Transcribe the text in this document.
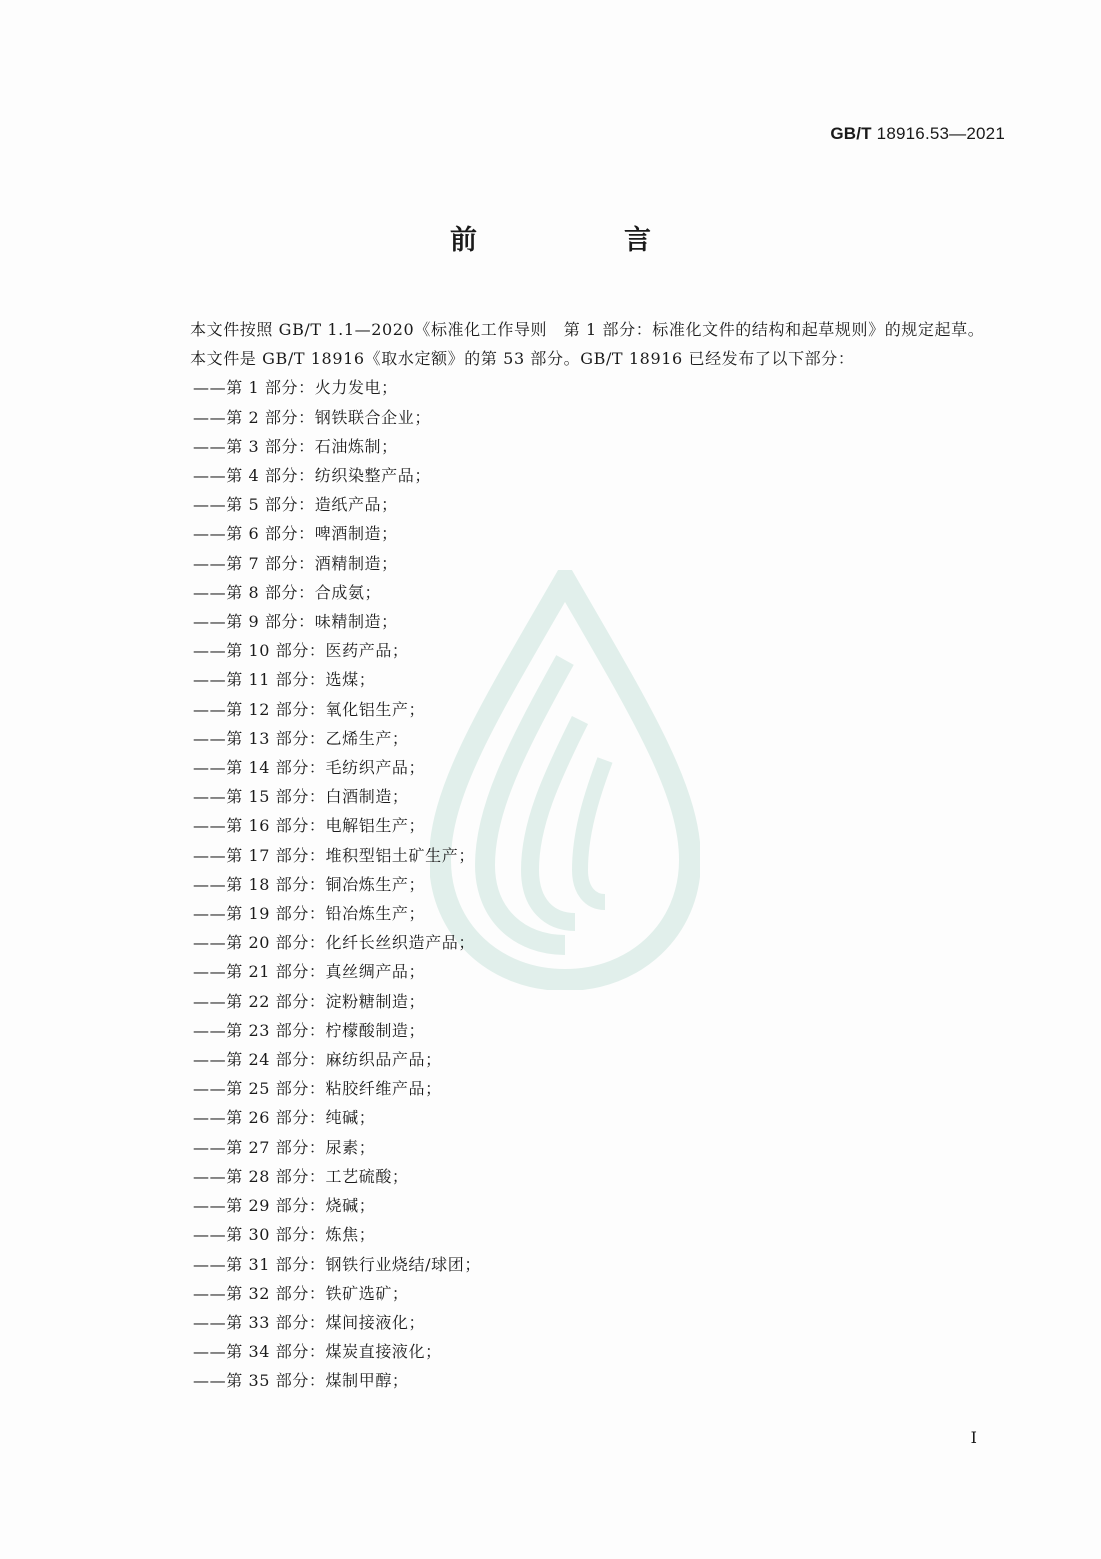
GB/T 18916.53—2021
前　言

本文件按照 GB/T 1.1—2020《标准化工作导则　第 1 部分：标准化文件的结构和起草规则》的规定起草。

本文件是 GB/T 18916《取水定额》的第 53 部分。GB/T 18916 已经发布了以下部分：

——第 1 部分：火力发电；
——第 2 部分：钢铁联合企业；
——第 3 部分：石油炼制；
——第 4 部分：纺织染整产品；
——第 5 部分：造纸产品；
——第 6 部分：啤酒制造；
——第 7 部分：酒精制造；
——第 8 部分：合成氨；
——第 9 部分：味精制造；
——第 10 部分：医药产品；
——第 11 部分：选煤；
——第 12 部分：氧化铝生产；
——第 13 部分：乙烯生产；
——第 14 部分：毛纺织产品；
——第 15 部分：白酒制造；
——第 16 部分：电解铝生产；
——第 17 部分：堆积型铝土矿生产；
——第 18 部分：铜冶炼生产；
——第 19 部分：铅冶炼生产；
——第 20 部分：化纤长丝织造产品；
——第 21 部分：真丝绸产品；
——第 22 部分：淀粉糖制造；
——第 23 部分：柠檬酸制造；
——第 24 部分：麻纺织品产品；
——第 25 部分：粘胶纤维产品；
——第 26 部分：纯碱；
——第 27 部分：尿素；
——第 28 部分：工艺硫酸；
——第 29 部分：烧碱；
——第 30 部分：炼焦；
——第 31 部分：钢铁行业烧结/球团；
——第 32 部分：铁矿选矿；
——第 33 部分：煤间接液化；
——第 34 部分：煤炭直接液化；
——第 35 部分：煤制甲醇；
I
